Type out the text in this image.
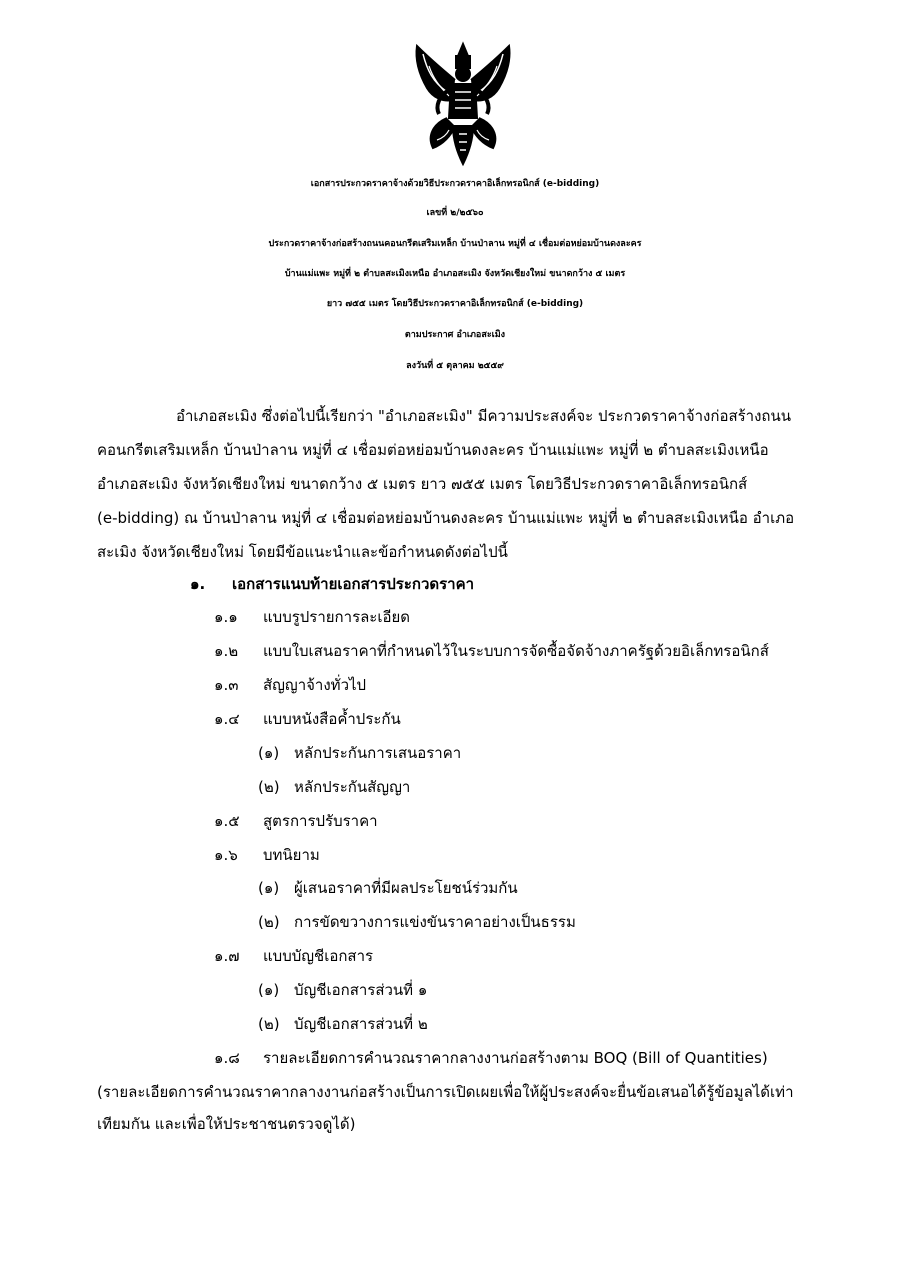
เอกสารประกวดราคาจ้างด้วยวิธีประกวดราคาอิเล็กทรอนิกส์ (e-bidding)
เลขที่ ๒/๒๕๖๐
ประกวดราคาจ้างก่อสร้างถนนคอนกรีตเสริมเหล็ก บ้านป่าลาน หมู่ที่ ๔ เชื่อมต่อหย่อมบ้านดงละคร
บ้านแม่แพะ หมู่ที่ ๒ ตำบลสะเมิงเหนือ อำเภอสะเมิง จังหวัดเชียงใหม่ ขนาดกว้าง ๕ เมตร
ยาว ๗๕๕ เมตร โดยวิธีประกวดราคาอิเล็กทรอนิกส์ (e-bidding)
ตามประกาศ อำเภอสะเมิง
ลงวันที่ ๕ ตุลาคม ๒๕๕๙
อำเภอสะเมิง ซึ่งต่อไปนี้เรียกว่า "อำเภอสะเมิง" มีความประสงค์จะ ประกวดราคาจ้างก่อสร้างถนน
คอนกรีตเสริมเหล็ก บ้านป่าลาน หมู่ที่ ๔ เชื่อมต่อหย่อมบ้านดงละคร บ้านแม่แพะ หมู่ที่ ๒ ตำบลสะเมิงเหนือ
อำเภอสะเมิง จังหวัดเชียงใหม่ ขนาดกว้าง ๕ เมตร ยาว ๗๕๕ เมตร โดยวิธีประกวดราคาอิเล็กทรอนิกส์
(e-bidding) ณ บ้านป่าลาน หมู่ที่ ๔ เชื่อมต่อหย่อมบ้านดงละคร บ้านแม่แพะ หมู่ที่ ๒ ตำบลสะเมิงเหนือ อำเภอ
สะเมิง จังหวัดเชียงใหม่ โดยมีข้อแนะนำและข้อกำหนดดังต่อไปนี้
๑. เอกสารแนบท้ายเอกสารประกวดราคา
๑.๑ แบบรูปรายการละเอียด
๑.๒ แบบใบเสนอราคาที่กำหนดไว้ในระบบการจัดซื้อจัดจ้างภาครัฐด้วยอิเล็กทรอนิกส์
๑.๓ สัญญาจ้างทั่วไป
๑.๔ แบบหนังสือค้ำประกัน
(๑) หลักประกันการเสนอราคา
(๒) หลักประกันสัญญา
๑.๕ สูตรการปรับราคา
๑.๖ บทนิยาม
(๑) ผู้เสนอราคาที่มีผลประโยชน์ร่วมกัน
(๒) การขัดขวางการแข่งขันราคาอย่างเป็นธรรม
๑.๗ แบบบัญชีเอกสาร
(๑) บัญชีเอกสารส่วนที่ ๑
(๒) บัญชีเอกสารส่วนที่ ๒
๑.๘ รายละเอียดการคำนวณราคากลางงานก่อสร้างตาม BOQ (Bill of Quantities)
(รายละเอียดการคำนวณราคากลางงานก่อสร้างเป็นการเปิดเผยเพื่อให้ผู้ประสงค์จะยื่นข้อเสนอได้รู้ข้อมูลได้เท่า
เทียมกัน และเพื่อให้ประชาชนตรวจดูได้)
